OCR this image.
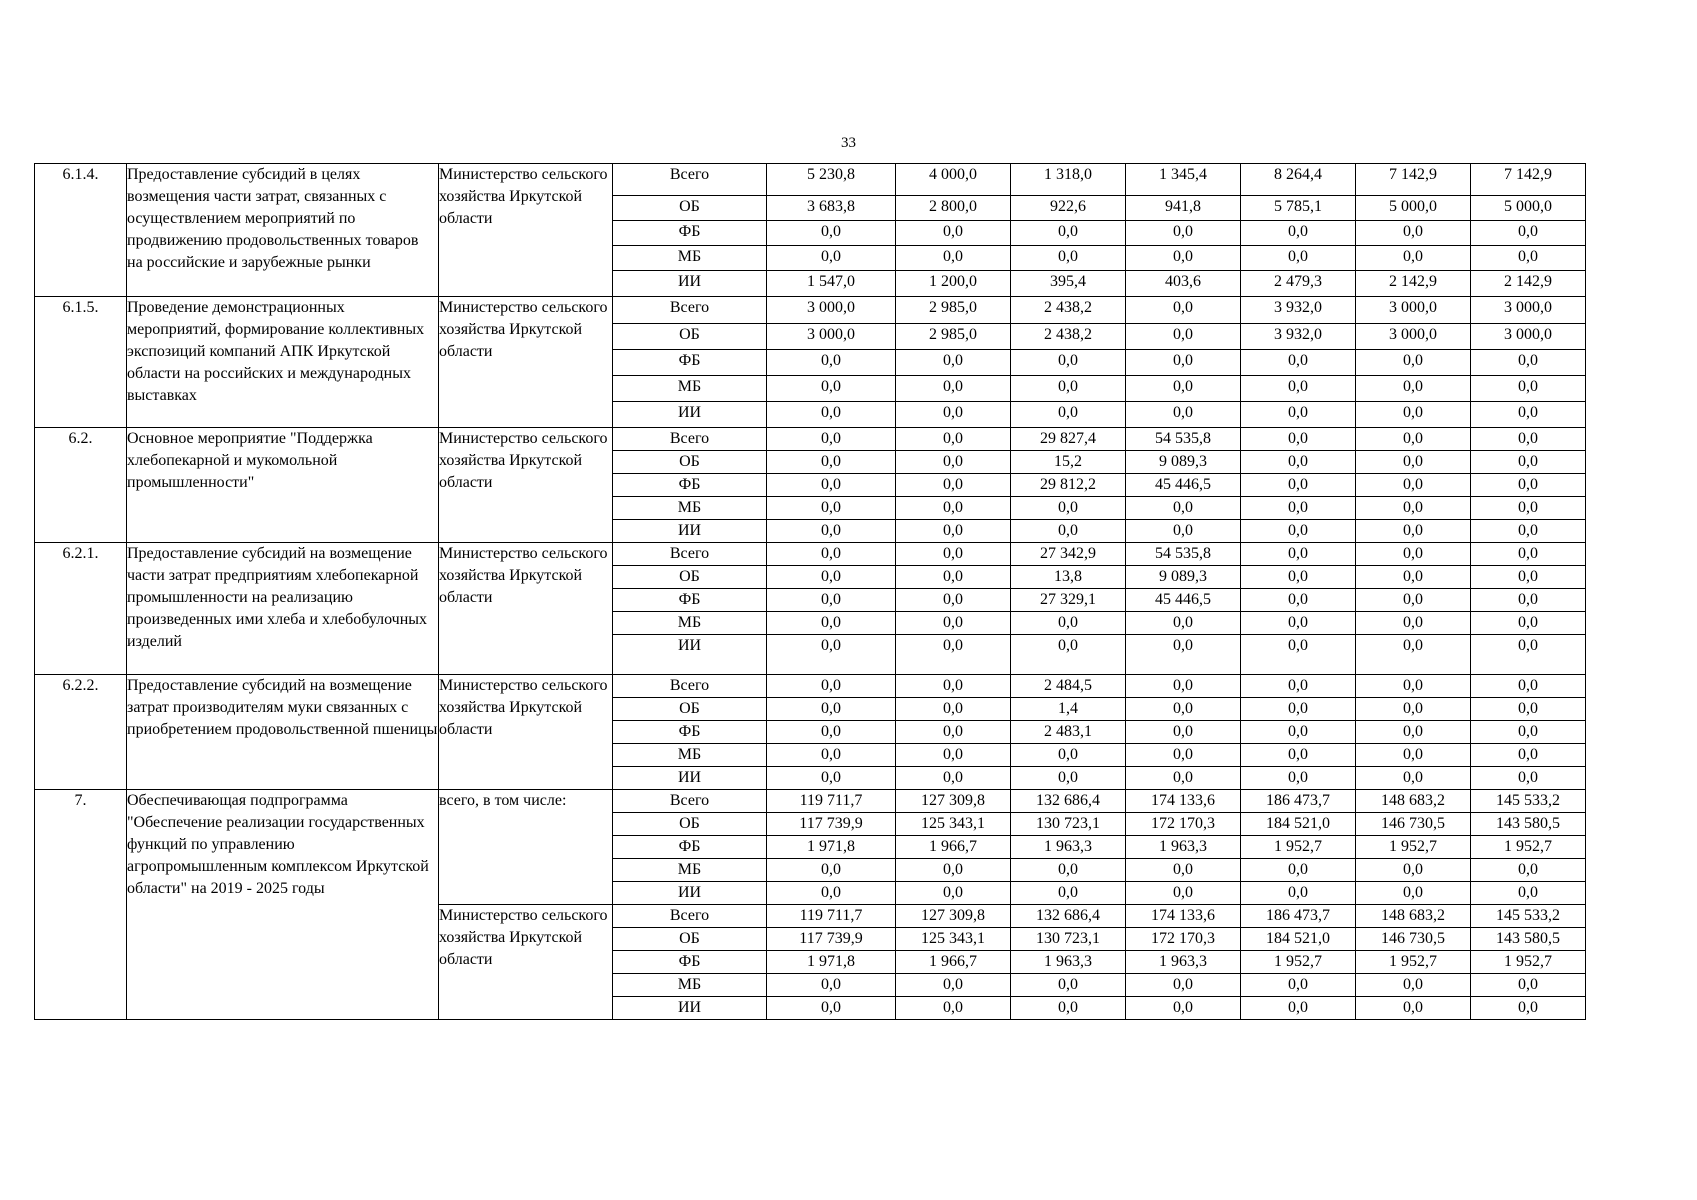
33
6.1.4.	Предоставление субсидий в целях возмещения части затрат, связанных с осуществлением мероприятий по продвижению продовольственных товаров на российские и зарубежные рынки	Министерство сельского хозяйства Иркутской области	Всего	5 230,8	4 000,0	1 318,0	1 345,4	8 264,4	7 142,9	7 142,9
			ОБ	3 683,8	2 800,0	922,6	941,8	5 785,1	5 000,0	5 000,0
			ФБ	0,0	0,0	0,0	0,0	0,0	0,0	0,0
			МБ	0,0	0,0	0,0	0,0	0,0	0,0	0,0
			ИИ	1 547,0	1 200,0	395,4	403,6	2 479,3	2 142,9	2 142,9
6.1.5.	Проведение демонстрационных мероприятий, формирование коллективных экспозиций компаний АПК Иркутской области на российских и международных выставках	Министерство сельского хозяйства Иркутской области	Всего	3 000,0	2 985,0	2 438,2	0,0	3 932,0	3 000,0	3 000,0
			ОБ	3 000,0	2 985,0	2 438,2	0,0	3 932,0	3 000,0	3 000,0
			ФБ	0,0	0,0	0,0	0,0	0,0	0,0	0,0
			МБ	0,0	0,0	0,0	0,0	0,0	0,0	0,0
			ИИ	0,0	0,0	0,0	0,0	0,0	0,0	0,0
6.2.	Основное мероприятие "Поддержка хлебопекарной и мукомольной промышленности"	Министерство сельского хозяйства Иркутской области	Всего	0,0	0,0	29 827,4	54 535,8	0,0	0,0	0,0
			ОБ	0,0	0,0	15,2	9 089,3	0,0	0,0	0,0
			ФБ	0,0	0,0	29 812,2	45 446,5	0,0	0,0	0,0
			МБ	0,0	0,0	0,0	0,0	0,0	0,0	0,0
			ИИ	0,0	0,0	0,0	0,0	0,0	0,0	0,0
6.2.1.	Предоставление субсидий на возмещение части затрат предприятиям хлебопекарной промышленности на реализацию произведенных ими хлеба и хлебобулочных изделий	Министерство сельского хозяйства Иркутской области	Всего	0,0	0,0	27 342,9	54 535,8	0,0	0,0	0,0
			ОБ	0,0	0,0	13,8	9 089,3	0,0	0,0	0,0
			ФБ	0,0	0,0	27 329,1	45 446,5	0,0	0,0	0,0
			МБ	0,0	0,0	0,0	0,0	0,0	0,0	0,0
			ИИ	0,0	0,0	0,0	0,0	0,0	0,0	0,0
6.2.2.	Предоставление субсидий на возмещение затрат производителям муки связанных с приобретением продовольственной пшеницы	Министерство сельского хозяйства Иркутской области	Всего	0,0	0,0	2 484,5	0,0	0,0	0,0	0,0
			ОБ	0,0	0,0	1,4	0,0	0,0	0,0	0,0
			ФБ	0,0	0,0	2 483,1	0,0	0,0	0,0	0,0
			МБ	0,0	0,0	0,0	0,0	0,0	0,0	0,0
			ИИ	0,0	0,0	0,0	0,0	0,0	0,0	0,0
7.	Обеспечивающая подпрограмма "Обеспечение реализации государственных функций по управлению агропромышленным комплексом Иркутской области" на 2019 - 2025 годы	всего, в том числе:	Всего	119 711,7	127 309,8	132 686,4	174 133,6	186 473,7	148 683,2	145 533,2
			ОБ	117 739,9	125 343,1	130 723,1	172 170,3	184 521,0	146 730,5	143 580,5
			ФБ	1 971,8	1 966,7	1 963,3	1 963,3	1 952,7	1 952,7	1 952,7
			МБ	0,0	0,0	0,0	0,0	0,0	0,0	0,0
			ИИ	0,0	0,0	0,0	0,0	0,0	0,0	0,0
		Министерство сельского хозяйства Иркутской области	Всего	119 711,7	127 309,8	132 686,4	174 133,6	186 473,7	148 683,2	145 533,2
			ОБ	117 739,9	125 343,1	130 723,1	172 170,3	184 521,0	146 730,5	143 580,5
			ФБ	1 971,8	1 966,7	1 963,3	1 963,3	1 952,7	1 952,7	1 952,7
			МБ	0,0	0,0	0,0	0,0	0,0	0,0	0,0
			ИИ	0,0	0,0	0,0	0,0	0,0	0,0	0,0
